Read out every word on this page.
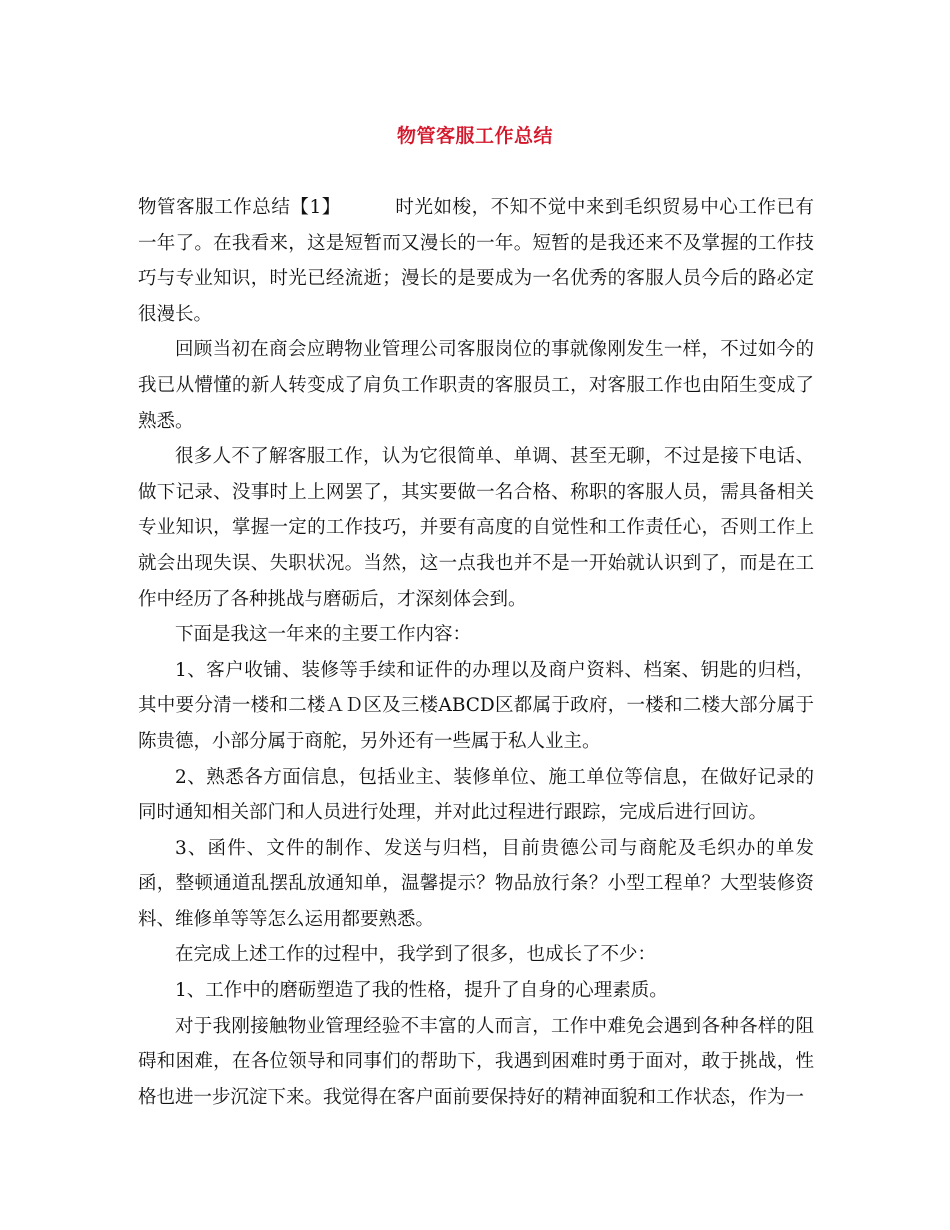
物管客服工作总结

物管客服工作总结【1】	时光如梭，不知不觉中来到毛织贸易中心工作已有一年了。在我看来，这是短暂而又漫长的一年。短暂的是我还来不及掌握的工作技巧与专业知识，时光已经流逝；漫长的是要成为一名优秀的客服人员今后的路必定很漫长。

回顾当初在商会应聘物业管理公司客服岗位的事就像刚发生一样，不过如今的我已从懵懂的新人转变成了肩负工作职责的客服员工，对客服工作也由陌生变成了熟悉。

很多人不了解客服工作，认为它很简单、单调、甚至无聊，不过是接下电话、做下记录、没事时上上网罢了，其实要做一名合格、称职的客服人员，需具备相关专业知识，掌握一定的工作技巧，并要有高度的自觉性和工作责任心，否则工作上就会出现失误、失职状况。当然，这一点我也并不是一开始就认识到了，而是在工作中经历了各种挑战与磨砺后，才深刻体会到。

下面是我这一年来的主要工作内容：

1、客户收铺、装修等手续和证件的办理以及商户资料、档案、钥匙的归档，其中要分清一楼和二楼ＡＤ区及三楼ABCD区都属于政府，一楼和二楼大部分属于陈贵德，小部分属于商舵，另外还有一些属于私人业主。

2、熟悉各方面信息，包括业主、装修单位、施工单位等信息，在做好记录的同时通知相关部门和人员进行处理，并对此过程进行跟踪，完成后进行回访。

3、函件、文件的制作、发送与归档，目前贵德公司与商舵及毛织办的单发函，整顿通道乱摆乱放通知单，温馨提示？物品放行条？小型工程单？大型装修资料、维修单等等怎么运用都要熟悉。

在完成上述工作的过程中，我学到了很多，也成长了不少：

1、工作中的磨砺塑造了我的性格，提升了自身的心理素质。

对于我刚接触物业管理经验不丰富的人而言，工作中难免会遇到各种各样的阻碍和困难，在各位领导和同事们的帮助下，我遇到困难时勇于面对，敢于挑战，性格也进一步沉淀下来。我觉得在客户面前要保持好的精神面貌和工作状态，作为一
